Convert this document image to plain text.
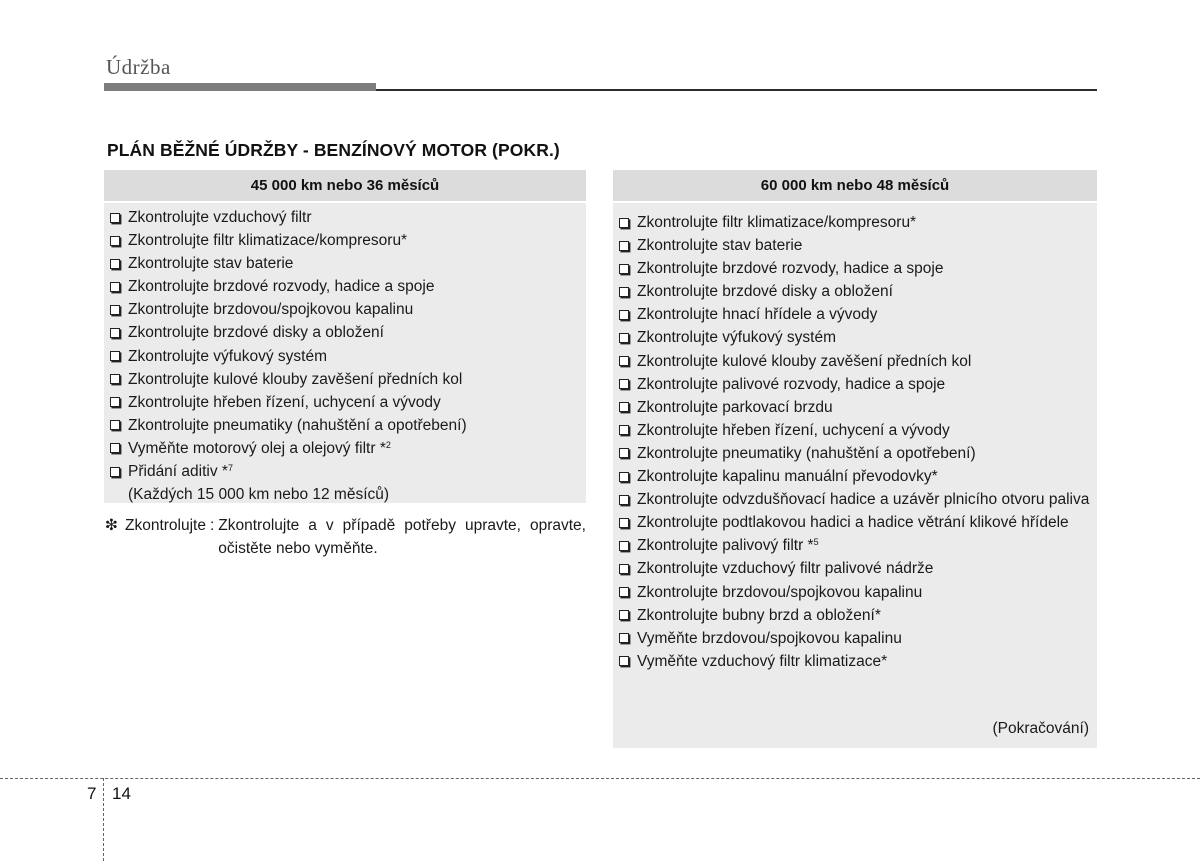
Údržba
PLÁN BĚŽNÉ ÚDRŽBY - BENZÍNOVÝ MOTOR (POKR.)
45 000 km nebo 36 měsíců
Zkontrolujte vzduchový filtr
Zkontrolujte filtr klimatizace/kompresoru*
Zkontrolujte stav baterie
Zkontrolujte brzdové rozvody, hadice a spoje
Zkontrolujte brzdovou/spojkovou kapalinu
Zkontrolujte brzdové disky a obložení
Zkontrolujte výfukový systém
Zkontrolujte kulové klouby zavěšení předních kol
Zkontrolujte hřeben řízení, uchycení a vývody
Zkontrolujte pneumatiky (nahuštění a opotřebení)
Vyměňte motorový olej a olejový filtr *$^2$
Přidání aditiv *$^7$
(Každých 15 000 km nebo 12 měsíců)
❇ Zkontrolujte : Zkontrolujte a v případě potřeby upravte, opravte, očistěte nebo vyměňte.
60 000 km nebo 48 měsíců
Zkontrolujte filtr klimatizace/kompresoru*
Zkontrolujte stav baterie
Zkontrolujte brzdové rozvody, hadice a spoje
Zkontrolujte brzdové disky a obložení
Zkontrolujte hnací hřídele a vývody
Zkontrolujte výfukový systém
Zkontrolujte kulové klouby zavěšení předních kol
Zkontrolujte palivové rozvody, hadice a spoje
Zkontrolujte parkovací brzdu
Zkontrolujte hřeben řízení, uchycení a vývody
Zkontrolujte pneumatiky (nahuštění a opotřebení)
Zkontrolujte kapalinu manuální převodovky*
Zkontrolujte odvzdušňovací hadice a uzávěr plnicího otvoru paliva
Zkontrolujte podtlakovou hadici a hadice větrání klikové hřídele
Zkontrolujte palivový filtr *$^5$
Zkontrolujte vzduchový filtr palivové nádrže
Zkontrolujte brzdovou/spojkovou kapalinu
Zkontrolujte bubny brzd a obložení*
Vyměňte brzdovou/spojkovou kapalinu
Vyměňte vzduchový filtr klimatizace*
(Pokračování)
7 14
